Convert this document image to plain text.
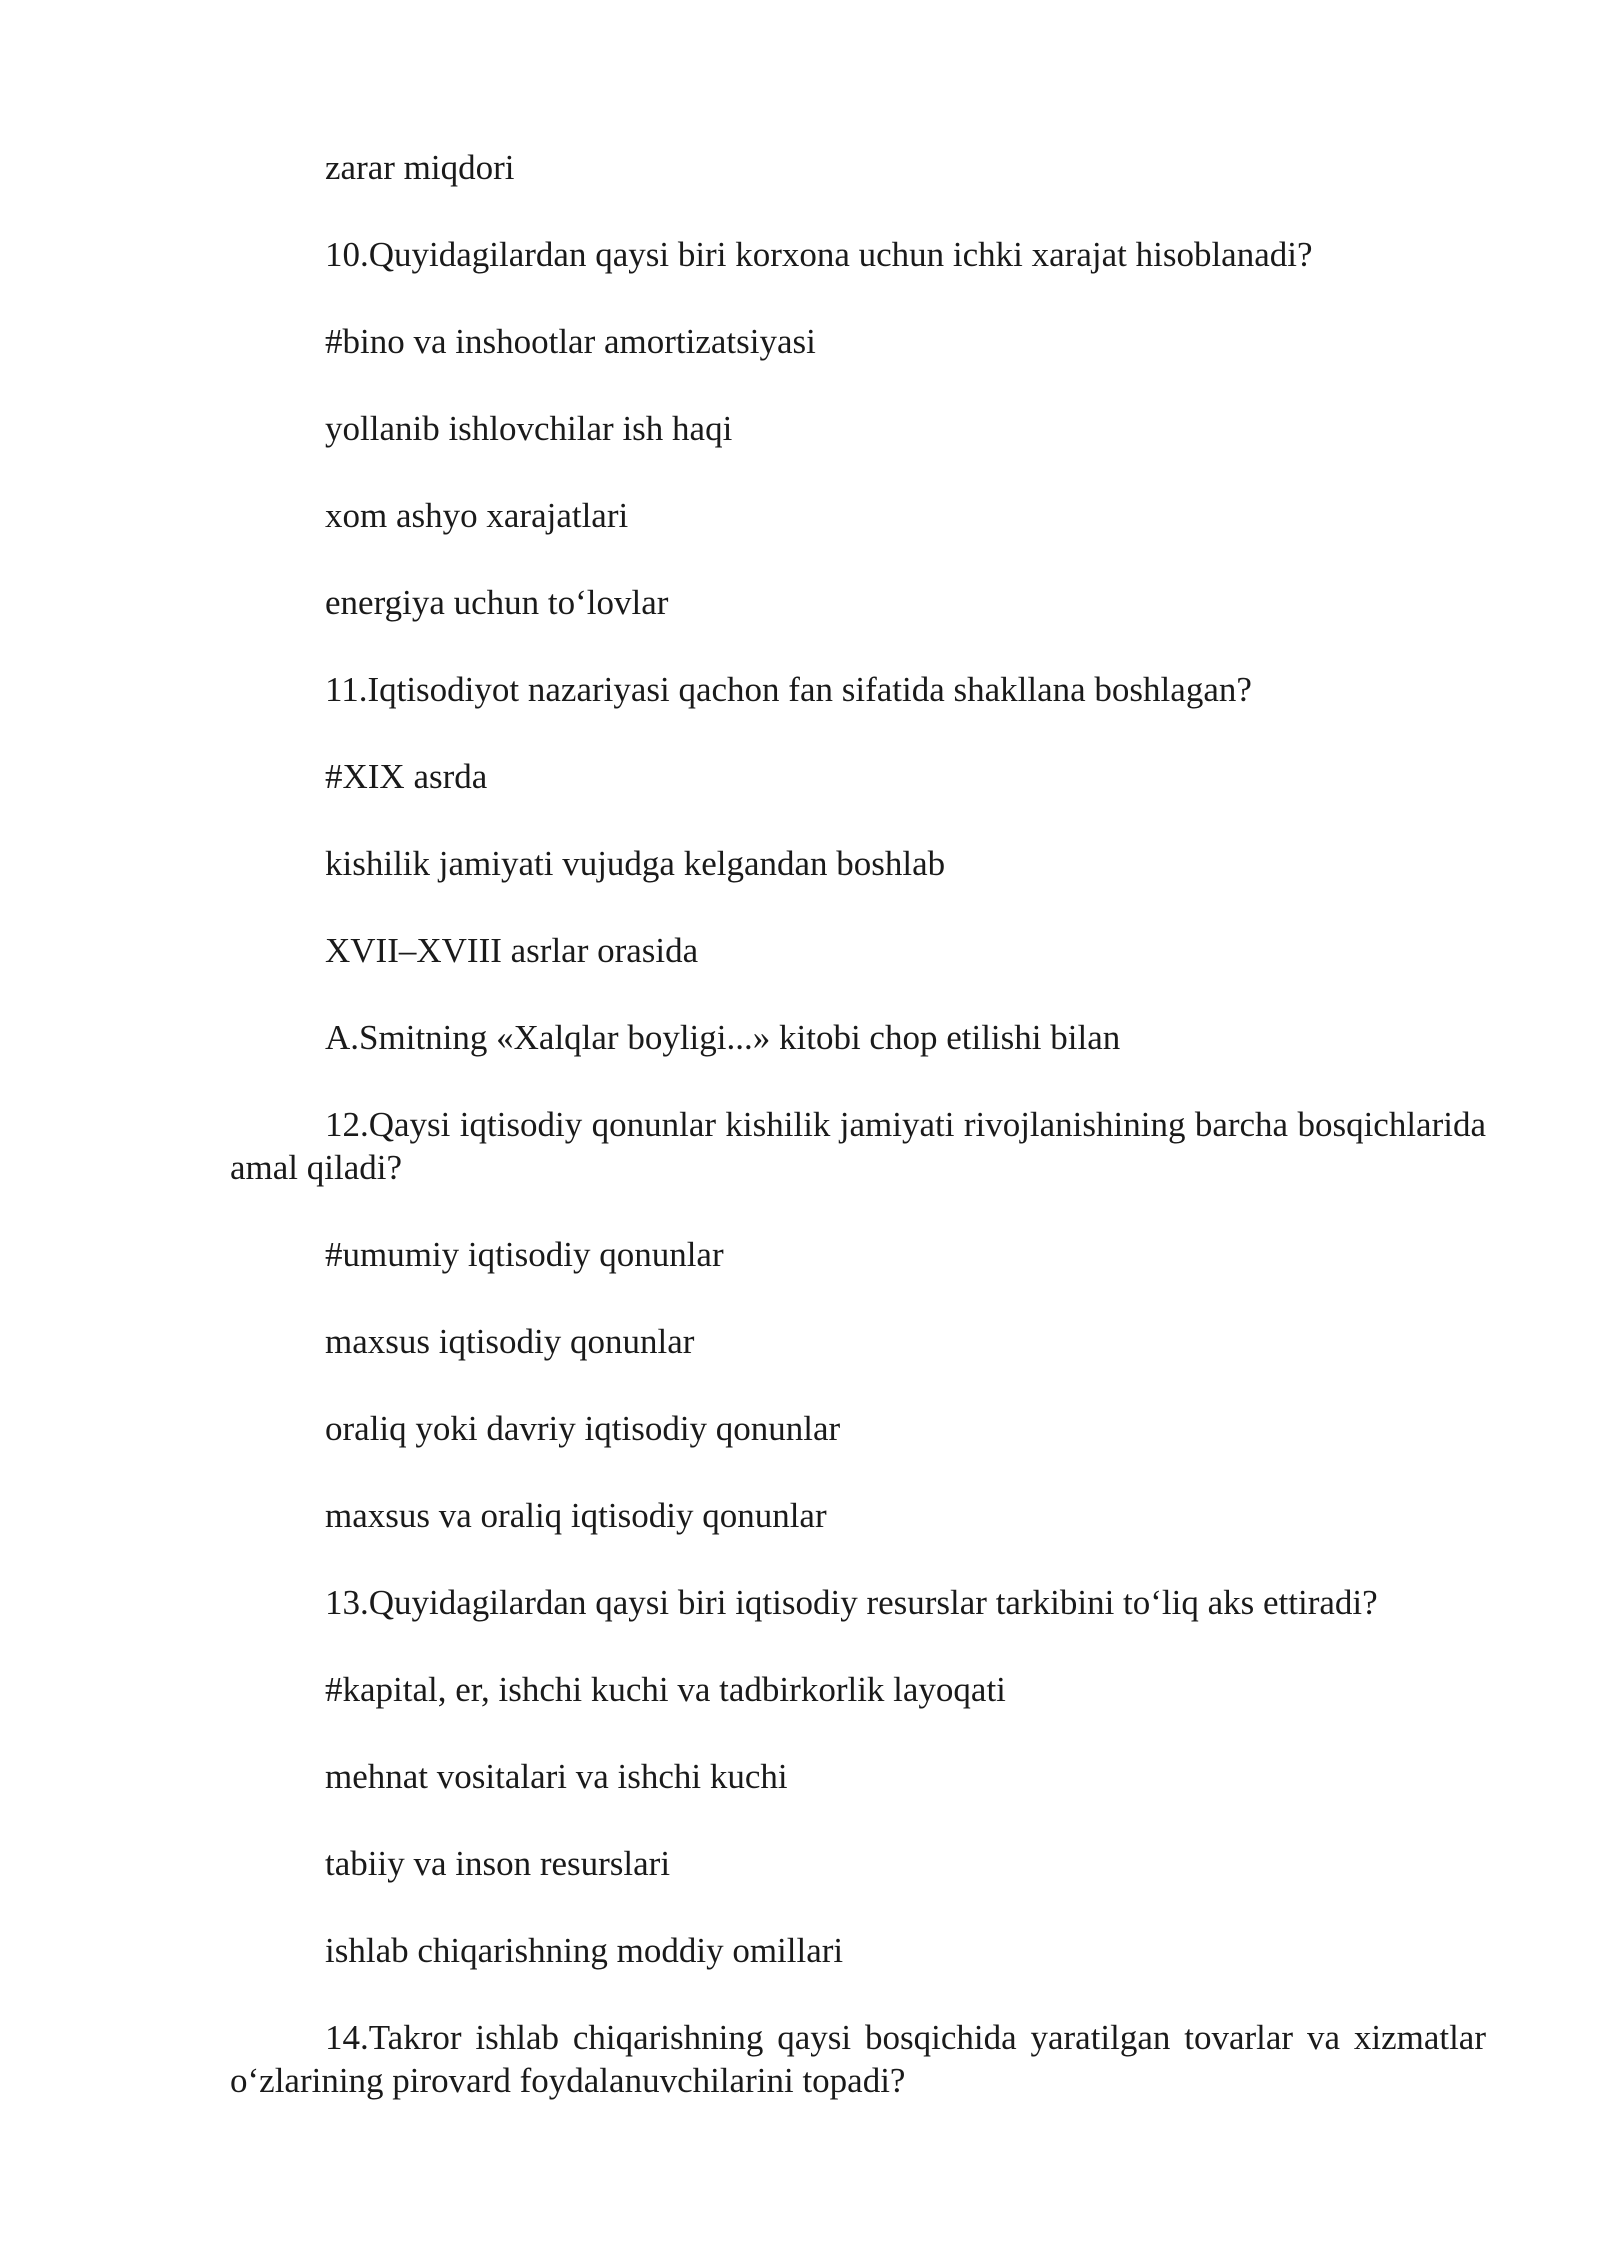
zarar miqdori

10.Quyidagilardan qaysi biri korxona uchun ichki xarajat hisoblanadi?

#bino va inshootlar amortizatsiyasi

yollanib ishlovchilar ish haqi

xom ashyo xarajatlari

energiya uchun to‘lovlar

11.Iqtisodiyot nazariyasi qachon fan sifatida shakllana boshlagan?

#XIX asrda

kishilik jamiyati vujudga kelgandan boshlab

XVII–XVIII asrlar orasida

A.Smitning «Xalqlar boyligi...» kitobi chop etilishi bilan

12.Qaysi iqtisodiy qonunlar kishilik jamiyati rivojlanishining barcha bosqichlarida amal qiladi?

#umumiy iqtisodiy qonunlar

maxsus iqtisodiy qonunlar

oraliq yoki davriy iqtisodiy qonunlar

maxsus va oraliq iqtisodiy qonunlar

13.Quyidagilardan qaysi biri iqtisodiy resurslar tarkibini to‘liq aks ettiradi?

#kapital, er, ishchi kuchi va tadbirkorlik layoqati

mehnat vositalari va ishchi kuchi

tabiiy va inson resurslari

ishlab chiqarishning moddiy omillari

14.Takror ishlab chiqarishning qaysi bosqichida yaratilgan tovarlar va xizmatlar o‘zlarining pirovard foydalanuvchilarini topadi?
